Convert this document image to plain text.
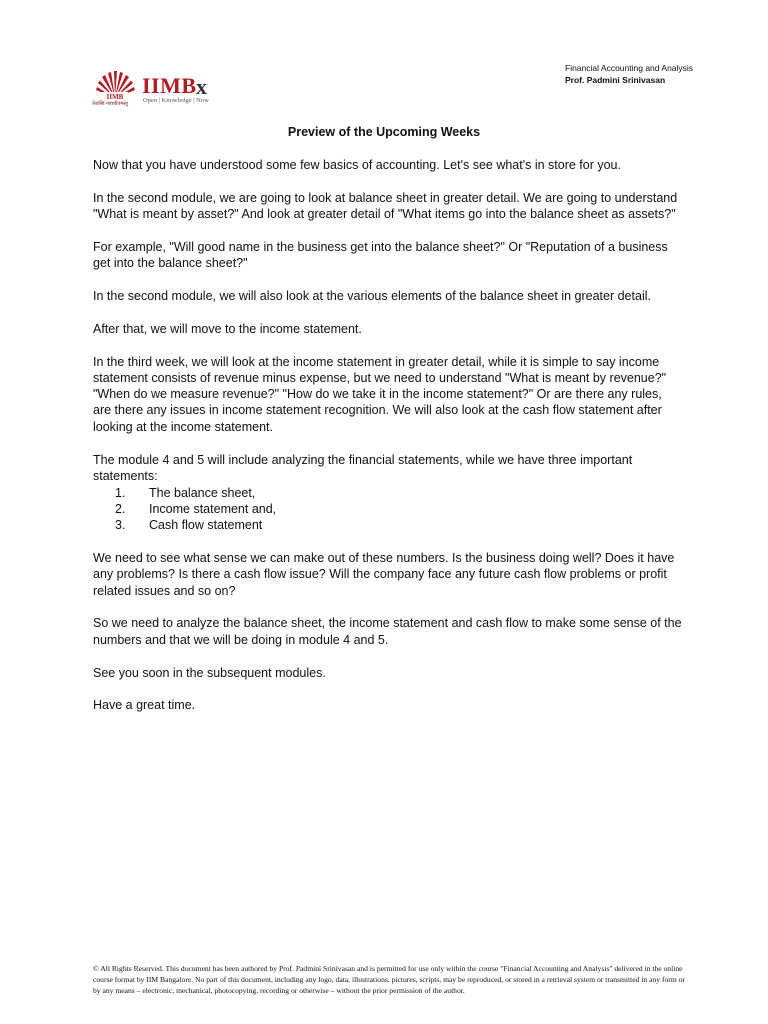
IIMB
तेजस्वि नावधीतमस्तु
IIMB x
Open | Knowledge | Now
Financial Accounting and Analysis
Prof. Padmini Srinivasan
Preview of the Upcoming Weeks

Now that you have understood some few basics of accounting. Let's see what's in store for you.

In the second module, we are going to look at balance sheet in greater detail. We are going to understand "What is meant by asset?" And look at greater detail of "What items go into the balance sheet as assets?"

For example, "Will good name in the business get into the balance sheet?" Or "Reputation of a business get into the balance sheet?"

In the second module, we will also look at the various elements of the balance sheet in greater detail.

After that, we will move to the income statement.

In the third week, we will look at the income statement in greater detail, while it is simple to say income statement consists of revenue minus expense, but we need to understand "What is meant by revenue?" "When do we measure revenue?" "How do we take it in the income statement?" Or are there any rules, are there any issues in income statement recognition. We will also look at the cash flow statement after looking at the income statement.

The module 4 and 5 will include analyzing the financial statements, while we have three important statements:

1.	The balance sheet,
2.	Income statement and,
3.	Cash flow statement

We need to see what sense we can make out of these numbers. Is the business doing well? Does it have any problems? Is there a cash flow issue? Will the company face any future cash flow problems or profit related issues and so on?

So we need to analyze the balance sheet, the income statement and cash flow to make some sense of the numbers and that we will be doing in module 4 and 5.

See you soon in the subsequent modules.

Have a great time.

© All Rights Reserved. This document has been authored by Prof. Padmini Srinivasan and is permitted for use only within the course "Financial Accounting and Analysis" delivered in the online course format by IIM Bangalore. No part of this document, including any logo, data, illustrations, pictures, scripts, may be reproduced, or stored in a retrieval system or transmitted in any form or by any means – electronic, mechanical, photocopying, recording or otherwise – without the prior permission of the author.
